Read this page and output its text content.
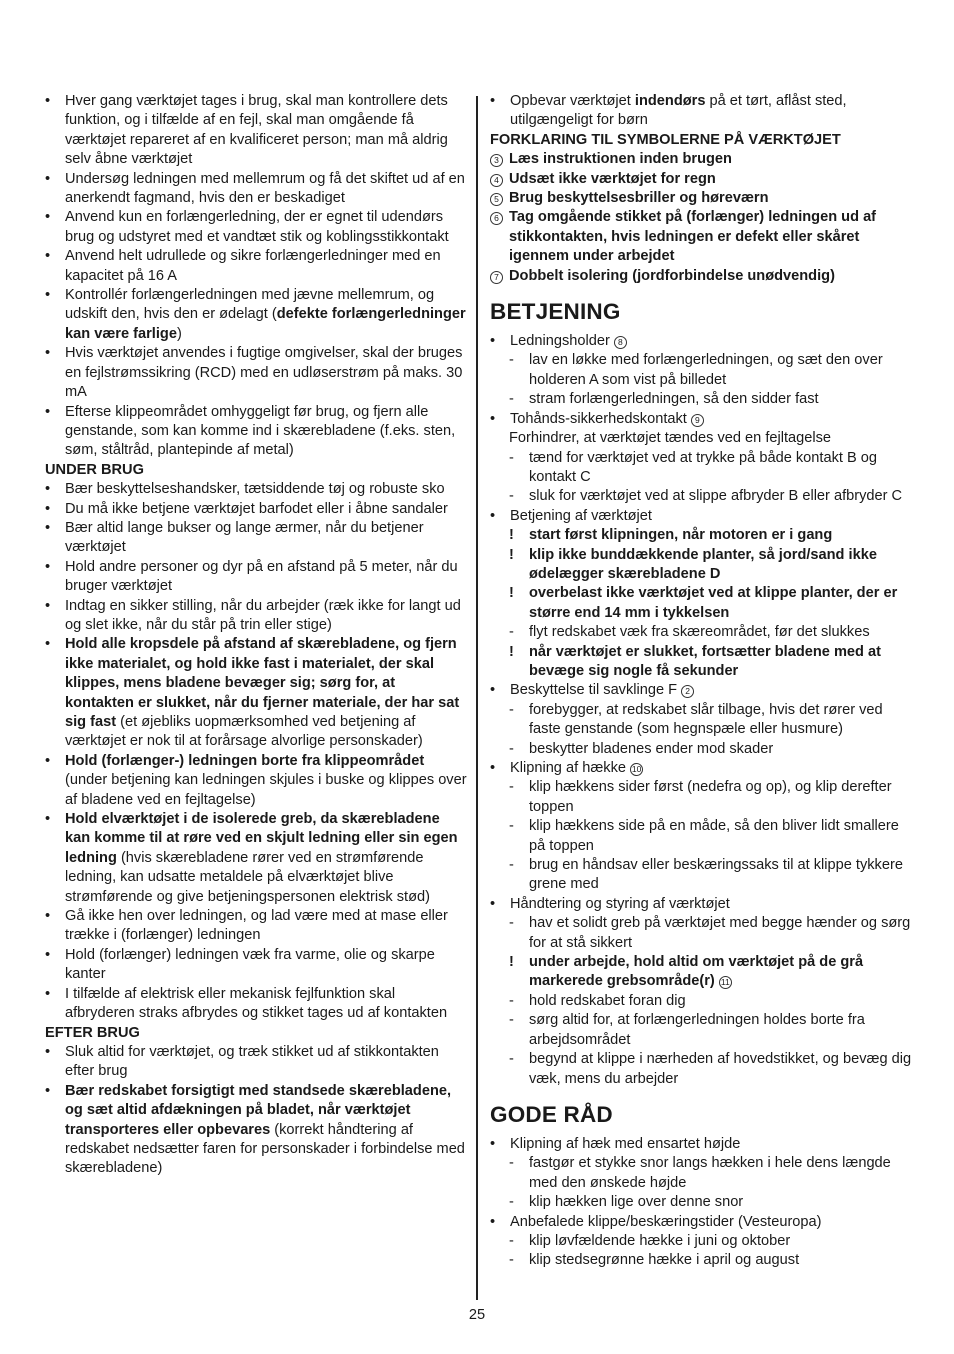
• Hver gang værktøjet tages i brug, skal man kontrollere dets funktion, og i tilfælde af en fejl, skal man omgående få værktøjet repareret af en kvalificeret person; man må aldrig selv åbne værktøjet
• Undersøg ledningen med mellemrum og få det skiftet ud af en anerkendt fagmand, hvis den er beskadiget
• Anvend kun en forlængerledning, der er egnet til udendørs brug og udstyret med et vandtæt stik og koblingsstikkontakt
• Anvend helt udrullede og sikre forlængerledninger med en kapacitet på 16 A
• Kontrollér forlængerledningen med jævne mellemrum, og udskift den, hvis den er ødelagt (defekte forlængerledninger kan være farlige)
• Hvis værktøjet anvendes i fugtige omgivelser, skal der bruges en fejlstrømssikring (RCD) med en udløserstrøm på maks. 30 mA
• Efterse klippeområdet omhyggeligt før brug, og fjern alle genstande, som kan komme ind i skærebladene (f.eks. sten, søm, ståltråd, plantepinde af metal)
UNDER BRUG
• Bær beskyttelseshandsker, tætsiddende tøj og robuste sko
• Du må ikke betjene værktøjet barfodet eller i åbne sandaler
• Bær altid lange bukser og lange ærmer, når du betjener værktøjet
• Hold andre personer og dyr på en afstand på 5 meter, når du bruger værktøjet
• Indtag en sikker stilling, når du arbejder (ræk ikke for langt ud og slet ikke, når du står på trin eller stige)
• Hold alle kropsdele på afstand af skærebladene, og fjern ikke materialet, og hold ikke fast i materialet, der skal klippes, mens bladene bevæger sig; sørg for, at kontakten er slukket, når du fjerner materiale, der har sat sig fast (et øjebliks uopmærksomhed ved betjening af værktøjet er nok til at forårsage alvorlige personskader)
• Hold (forlænger-) ledningen borte fra klippeområdet (under betjening kan ledningen skjules i buske og klippes over af bladene ved en fejltagelse)
• Hold elværktøjet i de isolerede greb, da skærebladene kan komme til at røre ved en skjult ledning eller sin egen ledning (hvis skærebladene rører ved en strømførende ledning, kan udsatte metaldele på elværktøjet blive strømførende og give betjeningspersonen elektrisk stød)
• Gå ikke hen over ledningen, og lad være med at mase eller trække i (forlænger) ledningen
• Hold (forlænger) ledningen væk fra varme, olie og skarpe kanter
• I tilfælde af elektrisk eller mekanisk fejlfunktion skal afbryderen straks afbrydes og stikket tages ud af kontakten
EFTER BRUG
• Sluk altid for værktøjet, og træk stikket ud af stikkontakten efter brug
• Bær redskabet forsigtigt med standsede skærebladene, og sæt altid afdækningen på bladet, når værktøjet transporteres eller opbevares (korrekt håndtering af redskabet nedsætter faren for personskader i forbindelse med skærebladene)
• Opbevar værktøjet indendørs på et tørt, aflåst sted, utilgængeligt for børn
FORKLARING TIL SYMBOLERNE PÅ VÆRKTØJET
3 Læs instruktionen inden brugen
4 Udsæt ikke værktøjet for regn
5 Brug beskyttelsesbriller og høreværn
6 Tag omgående stikket på (forlænger) ledningen ud af stikkontakten, hvis ledningen er defekt eller skåret igennem under arbejdet
7 Dobbelt isolering (jordforbindelse unødvendig)
BETJENING
• Ledningsholder 8
- lav en løkke med forlængerledningen, og sæt den over holderen A som vist på billedet
- stram forlængerledningen, så den sidder fast
• Tohånds-sikkerhedskontakt 9
Forhindrer, at værktøjet tændes ved en fejltagelse
- tænd for værktøjet ved at trykke på både kontakt B og kontakt C
- sluk for værktøjet ved at slippe afbryder B eller afbryder C
• Betjening af værktøjet
! start først klipningen, når motoren er i gang
! klip ikke bunddækkende planter, så jord/sand ikke ødelægger skærebladene D
! overbelast ikke værktøjet ved at klippe planter, der er større end 14 mm i tykkelsen
- flyt redskabet væk fra skæreområdet, før det slukkes
! når værktøjet er slukket, fortsætter bladene med at bevæge sig nogle få sekunder
• Beskyttelse til savklinge F 2
- forebygger, at redskabet slår tilbage, hvis det rører ved faste genstande (som hegnspæle eller husmure)
- beskytter bladenes ender mod skader
• Klipning af hække 10
- klip hækkens sider først (nedefra og op), og klip derefter toppen
- klip hækkens side på en måde, så den bliver lidt smallere på toppen
- brug en håndsav eller beskæringssaks til at klippe tykkere grene med
• Håndtering og styring af værktøjet
- hav et solidt greb på værktøjet med begge hænder og sørg for at stå sikkert
! under arbejde, hold altid om værktøjet på de grå markerede grebsområde(r) 11
- hold redskabet foran dig
- sørg altid for, at forlængerledningen holdes borte fra arbejdsområdet
- begynd at klippe i nærheden af hovedstikket, og bevæg dig væk, mens du arbejder
GODE RÅD
• Klipning af hæk med ensartet højde
- fastgør et stykke snor langs hækken i hele dens længde med den ønskede højde
- klip hækken lige over denne snor
• Anbefalede klippe/beskæringstider (Vesteuropa)
- klip løvfældende hække i juni og oktober
- klip stedsegrønne hække i april og august
25
